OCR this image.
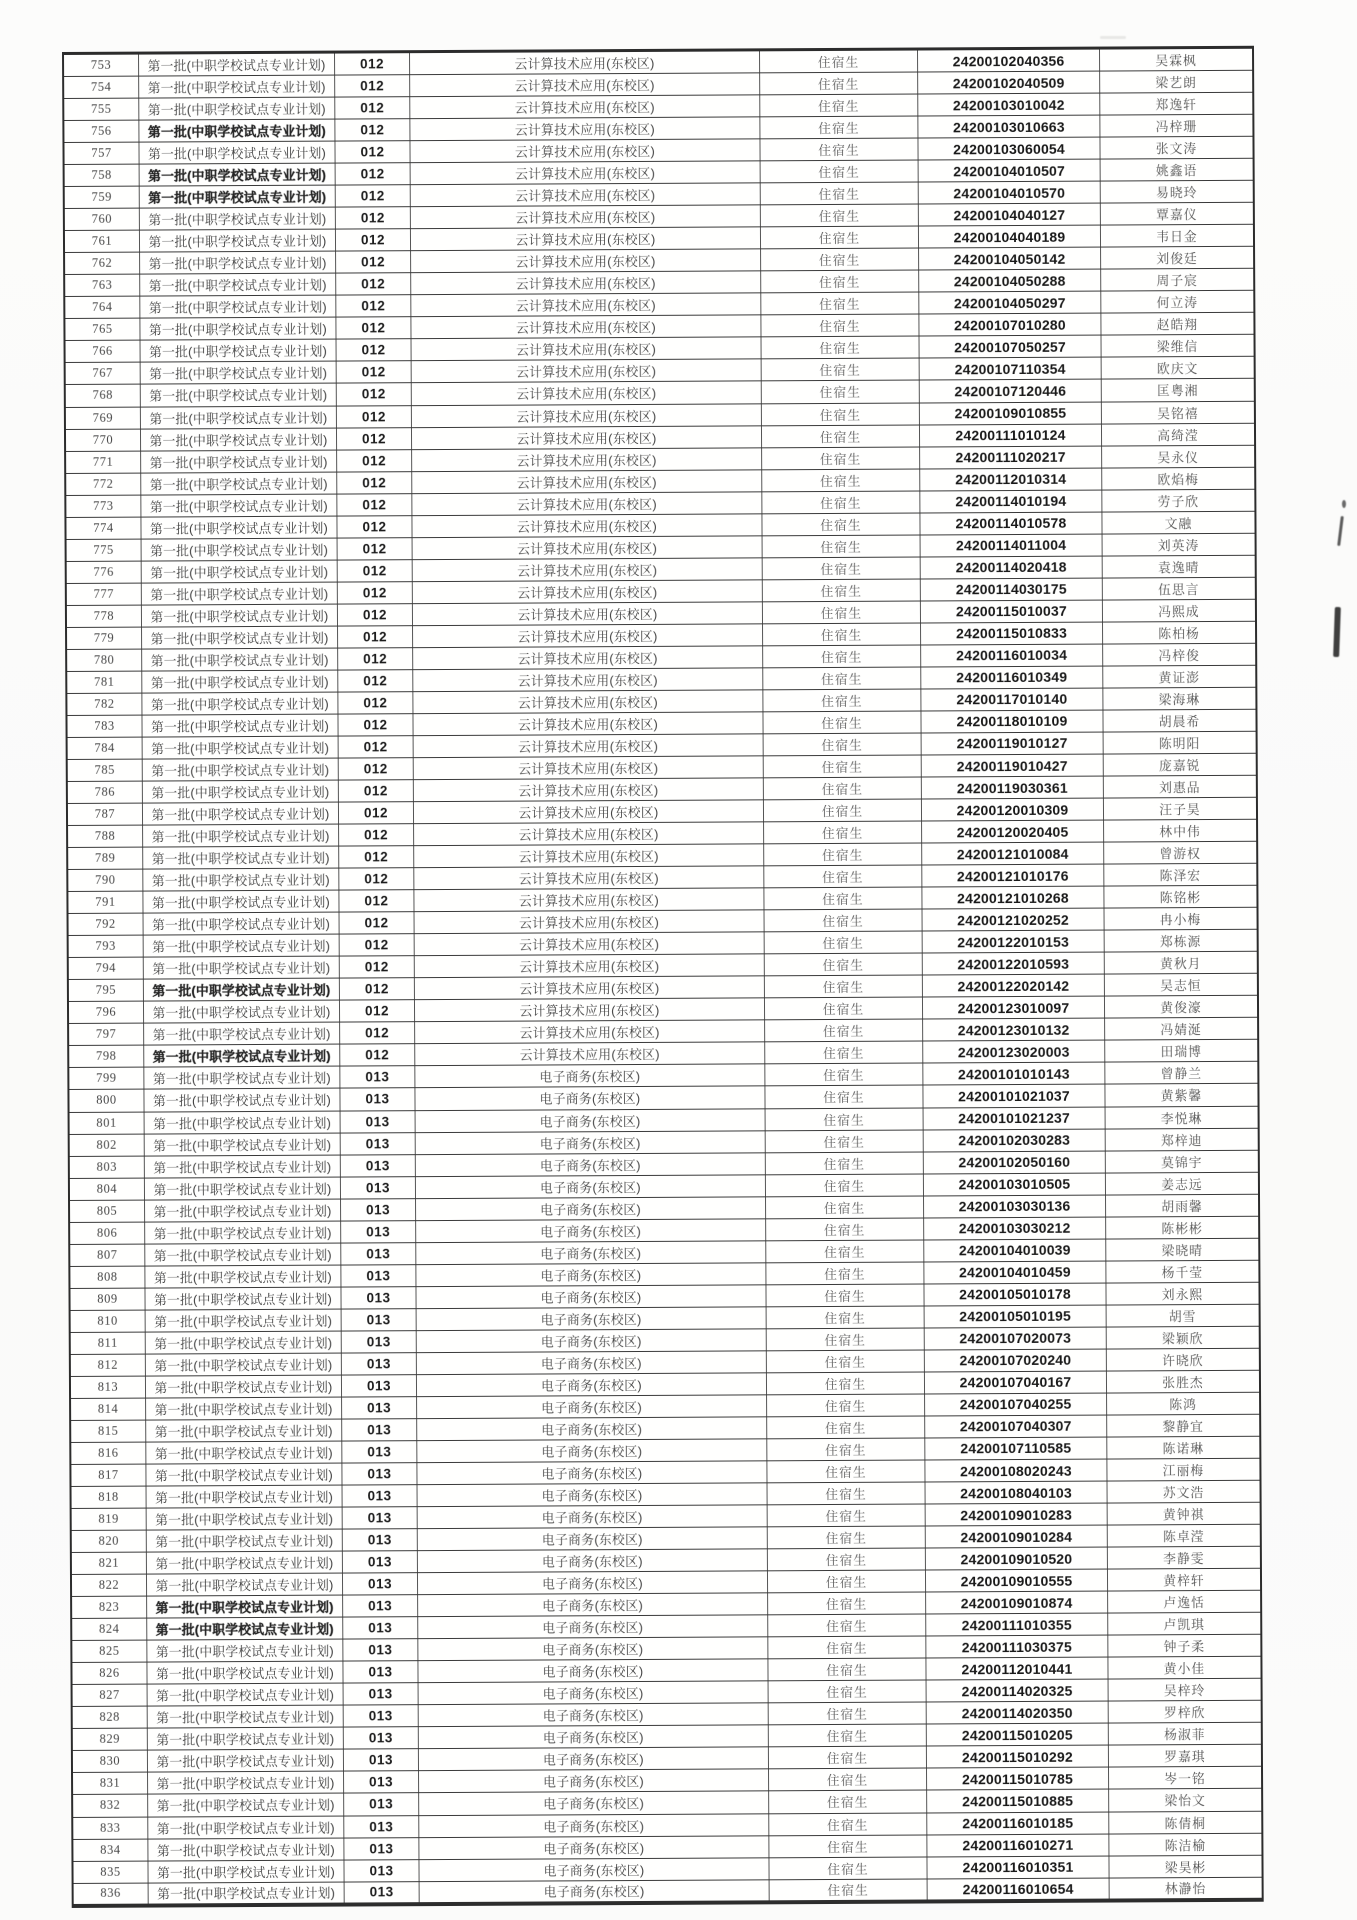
753	第一批(中职学校试点专业计划)	012	云计算技术应用(东校区)	住宿生	24200102040356	吴霖枫
754	第一批(中职学校试点专业计划)	012	云计算技术应用(东校区)	住宿生	24200102040509	梁艺朗
755	第一批(中职学校试点专业计划)	012	云计算技术应用(东校区)	住宿生	24200103010042	郑逸轩
756	第一批(中职学校试点专业计划)	012	云计算技术应用(东校区)	住宿生	24200103010663	冯梓珊
757	第一批(中职学校试点专业计划)	012	云计算技术应用(东校区)	住宿生	24200103060054	张文涛
758	第一批(中职学校试点专业计划)	012	云计算技术应用(东校区)	住宿生	24200104010507	姚鑫语
759	第一批(中职学校试点专业计划)	012	云计算技术应用(东校区)	住宿生	24200104010570	易晓玲
760	第一批(中职学校试点专业计划)	012	云计算技术应用(东校区)	住宿生	24200104040127	覃嘉仪
761	第一批(中职学校试点专业计划)	012	云计算技术应用(东校区)	住宿生	24200104040189	韦日金
762	第一批(中职学校试点专业计划)	012	云计算技术应用(东校区)	住宿生	24200104050142	刘俊廷
763	第一批(中职学校试点专业计划)	012	云计算技术应用(东校区)	住宿生	24200104050288	周子宸
764	第一批(中职学校试点专业计划)	012	云计算技术应用(东校区)	住宿生	24200104050297	何立涛
765	第一批(中职学校试点专业计划)	012	云计算技术应用(东校区)	住宿生	24200107010280	赵皓翔
766	第一批(中职学校试点专业计划)	012	云计算技术应用(东校区)	住宿生	24200107050257	梁维信
767	第一批(中职学校试点专业计划)	012	云计算技术应用(东校区)	住宿生	24200107110354	欧庆文
768	第一批(中职学校试点专业计划)	012	云计算技术应用(东校区)	住宿生	24200107120446	匡粤湘
769	第一批(中职学校试点专业计划)	012	云计算技术应用(东校区)	住宿生	24200109010855	吴铭禧
770	第一批(中职学校试点专业计划)	012	云计算技术应用(东校区)	住宿生	24200111010124	高绮滢
771	第一批(中职学校试点专业计划)	012	云计算技术应用(东校区)	住宿生	24200111020217	吴永仪
772	第一批(中职学校试点专业计划)	012	云计算技术应用(东校区)	住宿生	24200112010314	欧焰梅
773	第一批(中职学校试点专业计划)	012	云计算技术应用(东校区)	住宿生	24200114010194	劳子欣
774	第一批(中职学校试点专业计划)	012	云计算技术应用(东校区)	住宿生	24200114010578	文融
775	第一批(中职学校试点专业计划)	012	云计算技术应用(东校区)	住宿生	24200114011004	刘英涛
776	第一批(中职学校试点专业计划)	012	云计算技术应用(东校区)	住宿生	24200114020418	袁逸晴
777	第一批(中职学校试点专业计划)	012	云计算技术应用(东校区)	住宿生	24200114030175	伍思言
778	第一批(中职学校试点专业计划)	012	云计算技术应用(东校区)	住宿生	24200115010037	冯熙成
779	第一批(中职学校试点专业计划)	012	云计算技术应用(东校区)	住宿生	24200115010833	陈柏杨
780	第一批(中职学校试点专业计划)	012	云计算技术应用(东校区)	住宿生	24200116010034	冯梓俊
781	第一批(中职学校试点专业计划)	012	云计算技术应用(东校区)	住宿生	24200116010349	黄证澎
782	第一批(中职学校试点专业计划)	012	云计算技术应用(东校区)	住宿生	24200117010140	梁海琳
783	第一批(中职学校试点专业计划)	012	云计算技术应用(东校区)	住宿生	24200118010109	胡晨希
784	第一批(中职学校试点专业计划)	012	云计算技术应用(东校区)	住宿生	24200119010127	陈明阳
785	第一批(中职学校试点专业计划)	012	云计算技术应用(东校区)	住宿生	24200119010427	庞嘉锐
786	第一批(中职学校试点专业计划)	012	云计算技术应用(东校区)	住宿生	24200119030361	刘惠品
787	第一批(中职学校试点专业计划)	012	云计算技术应用(东校区)	住宿生	24200120010309	汪子昊
788	第一批(中职学校试点专业计划)	012	云计算技术应用(东校区)	住宿生	24200120020405	林中伟
789	第一批(中职学校试点专业计划)	012	云计算技术应用(东校区)	住宿生	24200121010084	曾游权
790	第一批(中职学校试点专业计划)	012	云计算技术应用(东校区)	住宿生	24200121010176	陈泽宏
791	第一批(中职学校试点专业计划)	012	云计算技术应用(东校区)	住宿生	24200121010268	陈铭彬
792	第一批(中职学校试点专业计划)	012	云计算技术应用(东校区)	住宿生	24200121020252	冉小梅
793	第一批(中职学校试点专业计划)	012	云计算技术应用(东校区)	住宿生	24200122010153	郑栋源
794	第一批(中职学校试点专业计划)	012	云计算技术应用(东校区)	住宿生	24200122010593	黄秋月
795	第一批(中职学校试点专业计划)	012	云计算技术应用(东校区)	住宿生	24200122020142	吴志恒
796	第一批(中职学校试点专业计划)	012	云计算技术应用(东校区)	住宿生	24200123010097	黄俊濠
797	第一批(中职学校试点专业计划)	012	云计算技术应用(东校区)	住宿生	24200123010132	冯婧涎
798	第一批(中职学校试点专业计划)	012	云计算技术应用(东校区)	住宿生	24200123020003	田瑞博
799	第一批(中职学校试点专业计划)	013	电子商务(东校区)	住宿生	24200101010143	曾静兰
800	第一批(中职学校试点专业计划)	013	电子商务(东校区)	住宿生	24200101021037	黄紫馨
801	第一批(中职学校试点专业计划)	013	电子商务(东校区)	住宿生	24200101021237	李悦琳
802	第一批(中职学校试点专业计划)	013	电子商务(东校区)	住宿生	24200102030283	郑梓迪
803	第一批(中职学校试点专业计划)	013	电子商务(东校区)	住宿生	24200102050160	莫锦宇
804	第一批(中职学校试点专业计划)	013	电子商务(东校区)	住宿生	24200103010505	姜志远
805	第一批(中职学校试点专业计划)	013	电子商务(东校区)	住宿生	24200103030136	胡雨馨
806	第一批(中职学校试点专业计划)	013	电子商务(东校区)	住宿生	24200103030212	陈彬彬
807	第一批(中职学校试点专业计划)	013	电子商务(东校区)	住宿生	24200104010039	梁晓晴
808	第一批(中职学校试点专业计划)	013	电子商务(东校区)	住宿生	24200104010459	杨千莹
809	第一批(中职学校试点专业计划)	013	电子商务(东校区)	住宿生	24200105010178	刘永熙
810	第一批(中职学校试点专业计划)	013	电子商务(东校区)	住宿生	24200105010195	胡雪
811	第一批(中职学校试点专业计划)	013	电子商务(东校区)	住宿生	24200107020073	梁颖欣
812	第一批(中职学校试点专业计划)	013	电子商务(东校区)	住宿生	24200107020240	许晓欣
813	第一批(中职学校试点专业计划)	013	电子商务(东校区)	住宿生	24200107040167	张胜杰
814	第一批(中职学校试点专业计划)	013	电子商务(东校区)	住宿生	24200107040255	陈鸿
815	第一批(中职学校试点专业计划)	013	电子商务(东校区)	住宿生	24200107040307	黎静宜
816	第一批(中职学校试点专业计划)	013	电子商务(东校区)	住宿生	24200107110585	陈诺琳
817	第一批(中职学校试点专业计划)	013	电子商务(东校区)	住宿生	24200108020243	江丽梅
818	第一批(中职学校试点专业计划)	013	电子商务(东校区)	住宿生	24200108040103	苏文浩
819	第一批(中职学校试点专业计划)	013	电子商务(东校区)	住宿生	24200109010283	黄钟祺
820	第一批(中职学校试点专业计划)	013	电子商务(东校区)	住宿生	24200109010284	陈卓滢
821	第一批(中职学校试点专业计划)	013	电子商务(东校区)	住宿生	24200109010520	李静雯
822	第一批(中职学校试点专业计划)	013	电子商务(东校区)	住宿生	24200109010555	黄梓轩
823	第一批(中职学校试点专业计划)	013	电子商务(东校区)	住宿生	24200109010874	卢逸恬
824	第一批(中职学校试点专业计划)	013	电子商务(东校区)	住宿生	24200111010355	卢凯琪
825	第一批(中职学校试点专业计划)	013	电子商务(东校区)	住宿生	24200111030375	钟子柔
826	第一批(中职学校试点专业计划)	013	电子商务(东校区)	住宿生	24200112010441	黄小佳
827	第一批(中职学校试点专业计划)	013	电子商务(东校区)	住宿生	24200114020325	吴梓玲
828	第一批(中职学校试点专业计划)	013	电子商务(东校区)	住宿生	24200114020350	罗梓欣
829	第一批(中职学校试点专业计划)	013	电子商务(东校区)	住宿生	24200115010205	杨淑菲
830	第一批(中职学校试点专业计划)	013	电子商务(东校区)	住宿生	24200115010292	罗嘉琪
831	第一批(中职学校试点专业计划)	013	电子商务(东校区)	住宿生	24200115010785	岑一铭
832	第一批(中职学校试点专业计划)	013	电子商务(东校区)	住宿生	24200115010885	梁怡文
833	第一批(中职学校试点专业计划)	013	电子商务(东校区)	住宿生	24200116010185	陈倩桐
834	第一批(中职学校试点专业计划)	013	电子商务(东校区)	住宿生	24200116010271	陈洁榆
835	第一批(中职学校试点专业计划)	013	电子商务(东校区)	住宿生	24200116010351	梁昊彬
836	第一批(中职学校试点专业计划)	013	电子商务(东校区)	住宿生	24200116010654	林瀞怡
